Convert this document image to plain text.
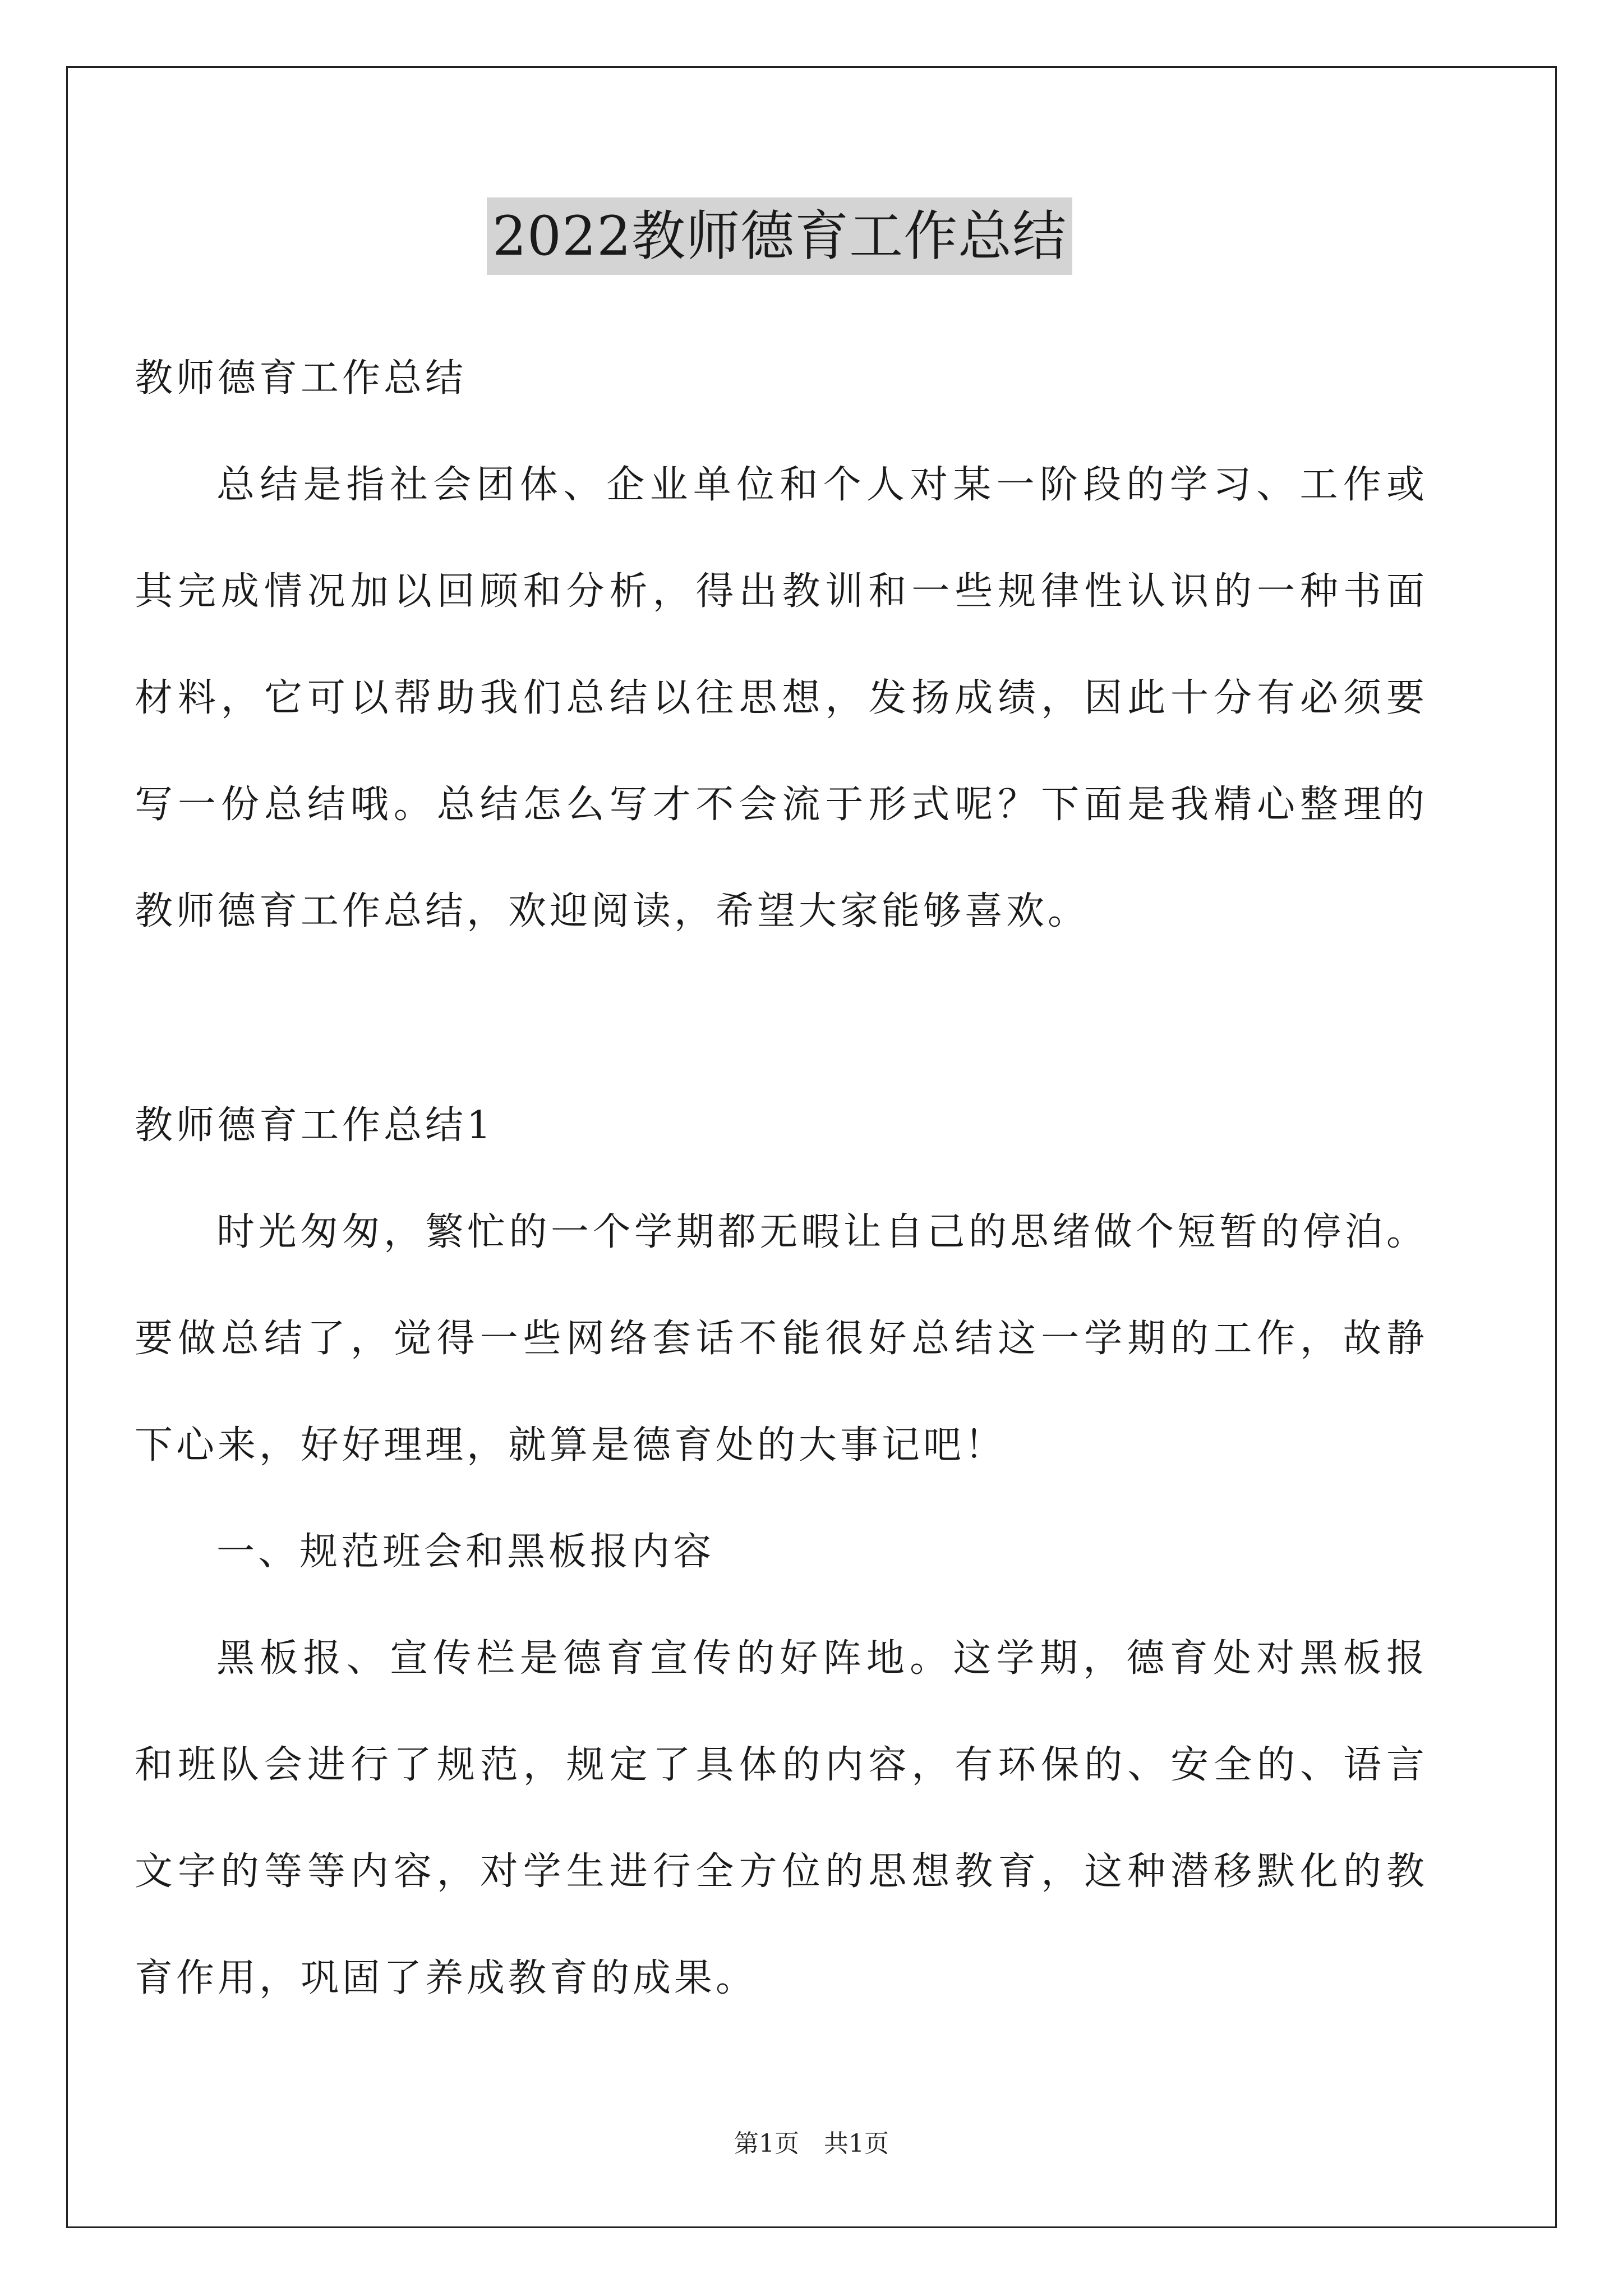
2022教师德育工作总结
教师德育工作总结
总结是指社会团体、企业单位和个人对某一阶段的学习、工作或
其完成情况加以回顾和分析，得出教训和一些规律性认识的一种书面
材料，它可以帮助我们总结以往思想，发扬成绩，因此十分有必须要
写一份总结哦。总结怎么写才不会流于形式呢？下面是我精心整理的
教师德育工作总结，欢迎阅读，希望大家能够喜欢。
教师德育工作总结1
时光匆匆，繁忙的一个学期都无暇让自己的思绪做个短暂的停泊。
要做总结了，觉得一些网络套话不能很好总结这一学期的工作，故静
下心来，好好理理，就算是德育处的大事记吧！
一、规范班会和黑板报内容
黑板报、宣传栏是德育宣传的好阵地。这学期，德育处对黑板报
和班队会进行了规范，规定了具体的内容，有环保的、安全的、语言
文字的等等内容，对学生进行全方位的思想教育，这种潜移默化的教
育作用，巩固了养成教育的成果。
第1页　共1页
